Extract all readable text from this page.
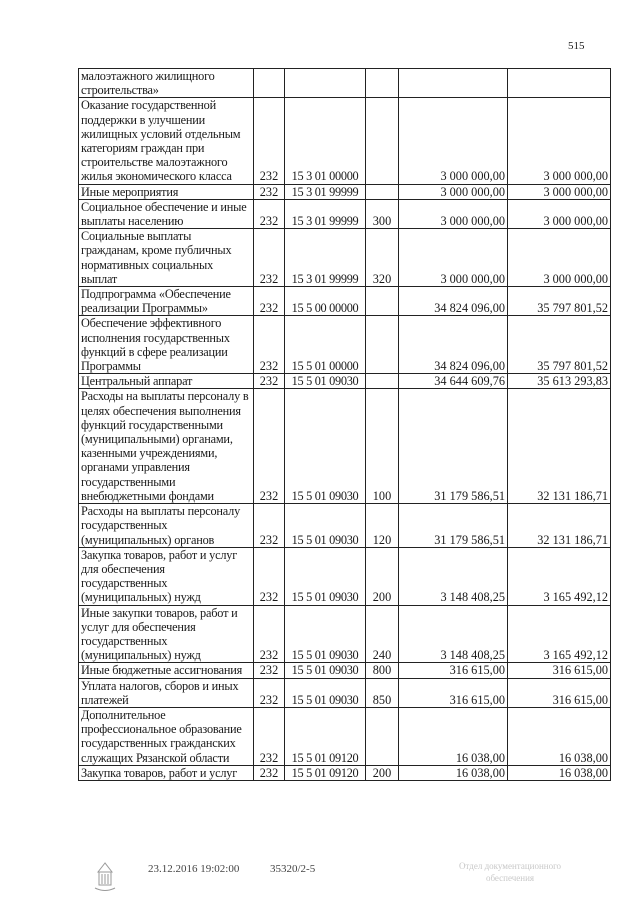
515
малоэтажного жилищного строительства»					
Оказание государственной поддержки в улучшении жилищных условий отдельным категориям граждан при строительстве малоэтажного жилья экономического класса	232	15 3 01 00000		3 000 000,00	3 000 000,00
Иные мероприятия	232	15 3 01 99999		3 000 000,00	3 000 000,00
Социальное обеспечение и иные выплаты населению	232	15 3 01 99999	300	3 000 000,00	3 000 000,00
Социальные выплаты гражданам, кроме публичных нормативных социальных выплат	232	15 3 01 99999	320	3 000 000,00	3 000 000,00
Подпрограмма «Обеспечение реализации Программы»	232	15 5 00 00000		34 824 096,00	35 797 801,52
Обеспечение эффективного исполнения государственных функций в сфере реализации Программы	232	15 5 01 00000		34 824 096,00	35 797 801,52
Центральный аппарат	232	15 5 01 09030		34 644 609,76	35 613 293,83
Расходы на выплаты персоналу в целях обеспечения выполнения функций государственными (муниципальными) органами, казенными учреждениями, органами управления государственными внебюджетными фондами	232	15 5 01 09030	100	31 179 586,51	32 131 186,71
Расходы на выплаты персоналу государственных (муниципальных) органов	232	15 5 01 09030	120	31 179 586,51	32 131 186,71
Закупка товаров, работ и услуг для обеспечения государственных (муниципальных) нужд	232	15 5 01 09030	200	3 148 408,25	3 165 492,12
Иные закупки товаров, работ и услуг для обеспечения государственных (муниципальных) нужд	232	15 5 01 09030	240	3 148 408,25	3 165 492,12
Иные бюджетные ассигнования	232	15 5 01 09030	800	316 615,00	316 615,00
Уплата налогов, сборов и иных платежей	232	15 5 01 09030	850	316 615,00	316 615,00
Дополнительное профессиональное образование государственных гражданских служащих Рязанской области	232	15 5 01 09120		16 038,00	16 038,00
Закупка товаров, работ и услуг	232	15 5 01 09120	200	16 038,00	16 038,00
23.12.2016 19:02:00	35320/2-5	Отдел документационного обеспечения
